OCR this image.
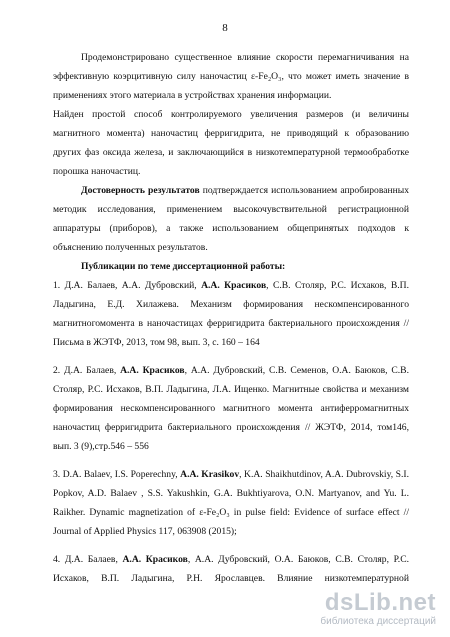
8

Продемонстрировано существенное влияние скорости перемагничивания на эффективную коэрцитивную силу наночастиц ε-Fe₂O₃, что может иметь значение в применениях этого материала в устройствах хранения информации.

Найден простой способ контролируемого увеличения размеров (и величины магнитного момента) наночастиц ферригидрита, не приводящий к образованию других фаз оксида железа, и заключающийся в низкотемпературной термообработке порошка наночастиц.

Достоверность результатов подтверждается использованием апробированных методик исследования, применением высокочувствительной регистрационной аппаратуры (приборов), а также использованием общепринятых подходов к объяснению полученных результатов.

Публикации по теме диссертационной работы:

1. Д.А. Балаев, А.А. Дубровский, А.А. Красиков, С.В. Столяр, Р.С. Исхаков, В.П. Ладыгина, Е.Д. Хилажева. Механизм формирования нескомпенсированного магнитногомомента в наночастицах ферригидрита бактериального происхождения // Письма в ЖЭТФ, 2013, том 98, вып. 3, с. 160 – 164

2. Д.А. Балаев, А.А. Красиков, А.А. Дубровский, С.В. Семенов, О.А. Баюков, С.В. Столяр, Р.С. Исхаков, В.П. Ладыгина, Л.А. Ищенко. Магнитные свойства и механизм формирования нескомпенсированного магнитного момента антиферромагнитных наночастиц ферригидрита бактериального происхождения // ЖЭТФ, 2014, том146, вып. 3 (9),стр.546 – 556

3. D.A. Balaev, I.S. Poperechny, A.A. Krasikov, K.A. Shaikhutdinov, A.A. Dubrovskiy, S.I. Popkov, A.D. Balaev , S.S. Yakushkin, G.A. Bukhtiyarova, O.N. Martyanov, and Yu. L. Raikher. Dynamic magnetization of ε-Fe₂O₃ in pulse field: Evidence of surface effect // Journal of Applied Physics 117, 063908 (2015);

4. Д.А. Балаев, А.А. Красиков, А.А. Дубровский, О.А. Баюков, С.В. Столяр, Р.С. Исхаков, В.П. Ладыгина, Р.Н. Ярославцев. Влияние низкотемпературной

dsLib.net
библиотека диссертаций
